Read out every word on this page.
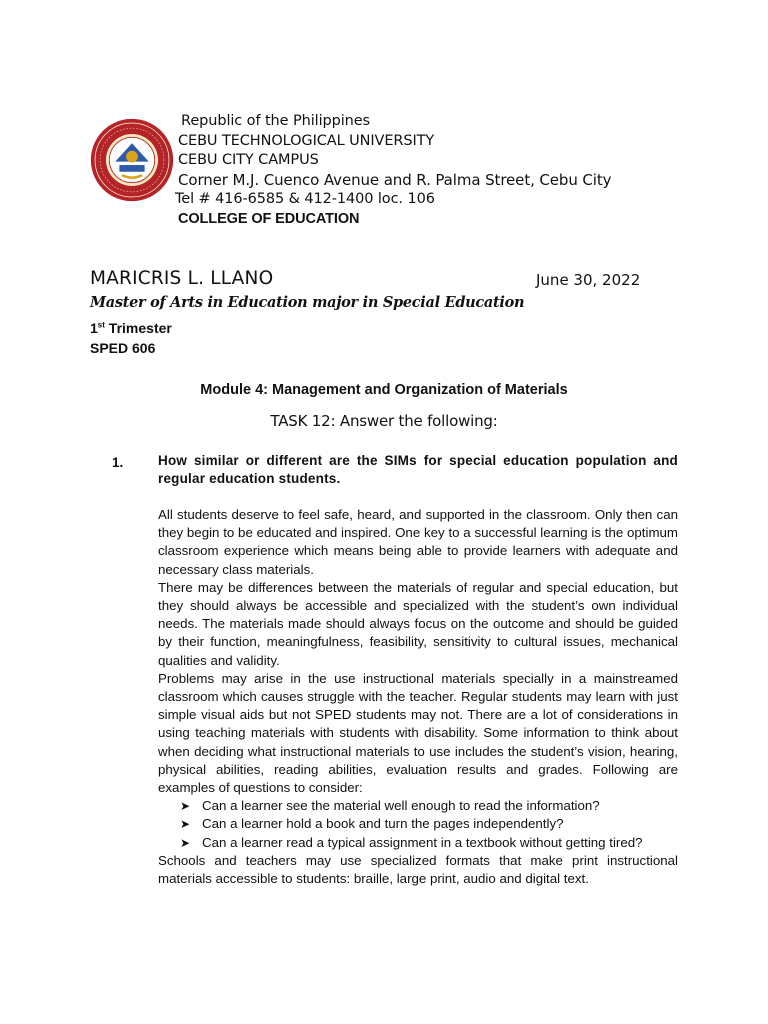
Republic of the Philippines
CEBU TECHNOLOGICAL UNIVERSITY
CEBU CITY CAMPUS
Corner M.J. Cuenco Avenue and R. Palma Street, Cebu City
Tel # 416-6585 & 412-1400 loc. 106
COLLEGE OF EDUCATION
MARICRIS L. LLANO	June 30, 2022
Master of Arts in Education major in Special Education
1st Trimester
SPED 606
Module 4: Management and Organization of Materials
TASK 12: Answer the following:
1.	How similar or different are the SIMs for special education population and regular education students.

All students deserve to feel safe, heard, and supported in the classroom. Only then can they begin to be educated and inspired. One key to a successful learning is the optimum classroom experience which means being able to provide learners with adequate and necessary class materials.

There may be differences between the materials of regular and special education, but they should always be accessible and specialized with the student’s own individual needs. The materials made should always focus on the outcome and should be guided by their function, meaningfulness, feasibility, sensitivity to cultural issues, mechanical qualities and validity.

Problems may arise in the use instructional materials specially in a mainstreamed classroom which causes struggle with the teacher. Regular students may learn with just simple visual aids but not SPED students may not. There are a lot of considerations in using teaching materials with students with disability. Some information to think about when deciding what instructional materials to use includes the student’s vision, hearing, physical abilities, reading abilities, evaluation results and grades. Following are examples of questions to consider:

➤ Can a learner see the material well enough to read the information?
➤ Can a learner hold a book and turn the pages independently?
➤ Can a learner read a typical assignment in a textbook without getting tired?

Schools and teachers may use specialized formats that make print instructional materials accessible to students: braille, large print, audio and digital text.
